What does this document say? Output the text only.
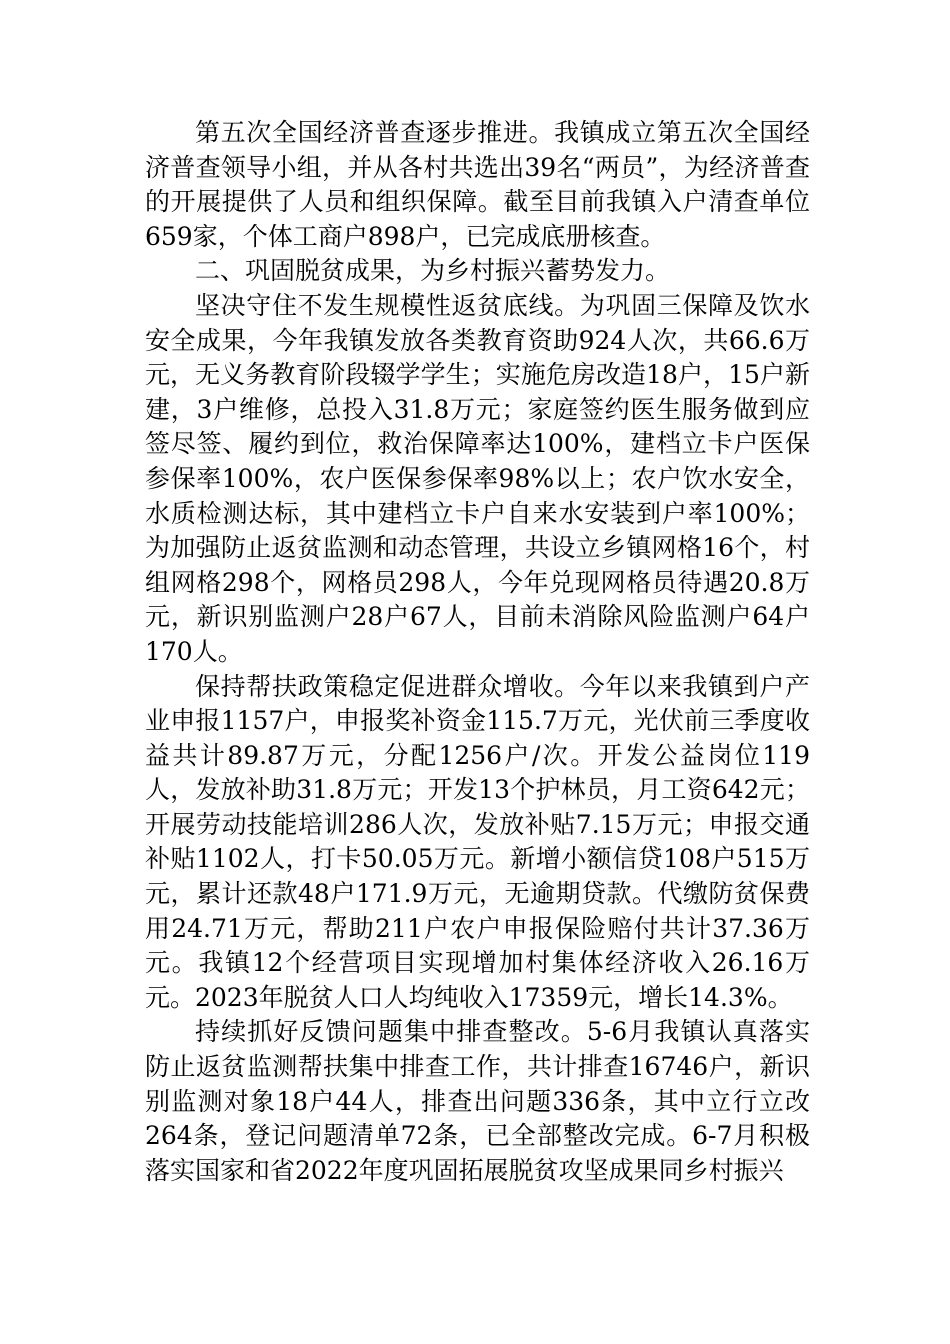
第五次全国经济普查逐步推进。我镇成立第五次全国经济普查领导小组，并从各村共选出39名“两员”，为经济普查的开展提供了人员和组织保障。截至目前我镇入户清查单位659家，个体工商户898户，已完成底册核查。

二、巩固脱贫成果，为乡村振兴蓄势发力。

坚决守住不发生规模性返贫底线。为巩固三保障及饮水安全成果，今年我镇发放各类教育资助924人次，共66.6万元，无义务教育阶段辍学学生；实施危房改造18户，15户新建，3户维修，总投入31.8万元；家庭签约医生服务做到应签尽签、履约到位，救治保障率达100%，建档立卡户医保参保率100%，农户医保参保率98%以上；农户饮水安全，水质检测达标，其中建档立卡户自来水安装到户率100%；为加强防止返贫监测和动态管理，共设立乡镇网格16个，村组网格298个，网格员298人，今年兑现网格员待遇20.8万元，新识别监测户28户67人，目前未消除风险监测户64户170人。

保持帮扶政策稳定促进群众增收。今年以来我镇到户产业申报1157户，申报奖补资金115.7万元，光伏前三季度收益共计89.87万元，分配1256户/次。开发公益岗位119人，发放补助31.8万元；开发13个护林员，月工资642元；开展劳动技能培训286人次，发放补贴7.15万元；申报交通补贴1102人，打卡50.05万元。新增小额信贷108户515万元，累计还款48户171.9万元，无逾期贷款。代缴防贫保费用24.71万元，帮助211户农户申报保险赔付共计37.36万元。我镇12个经营项目实现增加村集体经济收入26.16万元。2023年脱贫人口人均纯收入17359元，增长14.3%。

持续抓好反馈问题集中排查整改。5-6月我镇认真落实防止返贫监测帮扶集中排查工作，共计排查16746户，新识别监测对象18户44人，排查出问题336条，其中立行立改264条，登记问题清单72条，已全部整改完成。6-7月积极落实国家和省2022年度巩固拓展脱贫攻坚成果同乡村振兴
